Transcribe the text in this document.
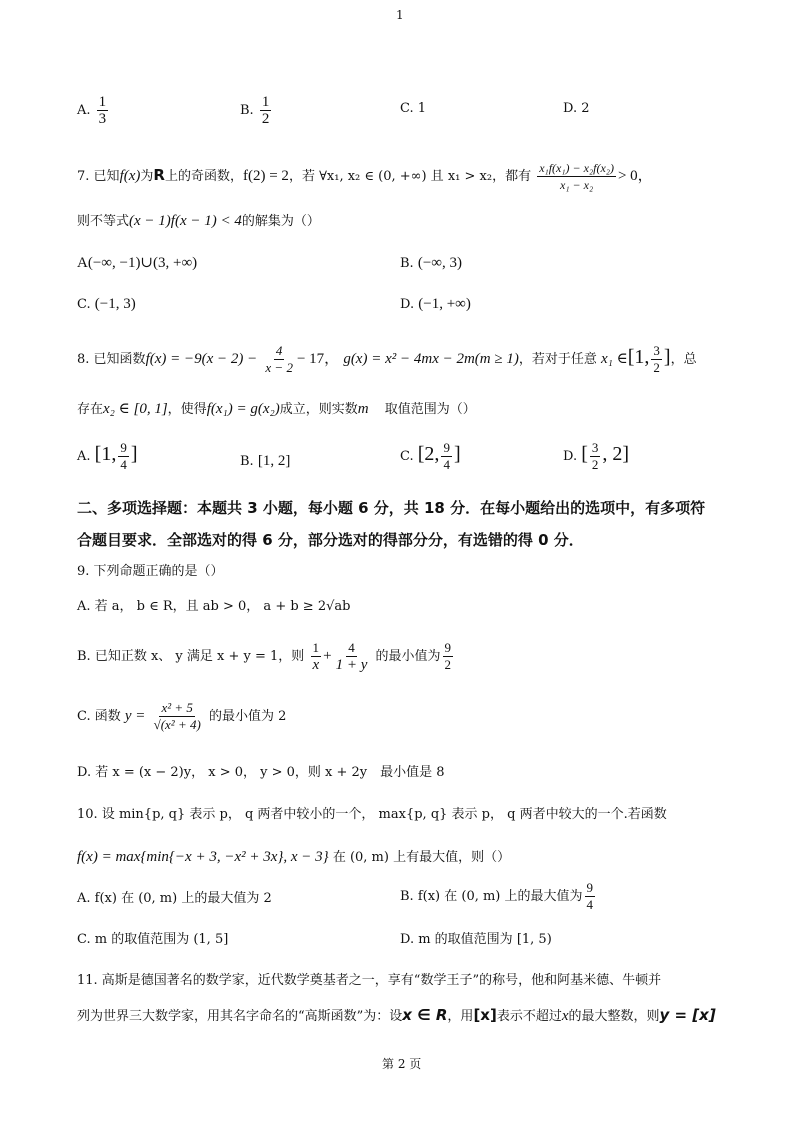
1
A. $\frac{1}{3}$	B. $\frac{1}{2}$	C. 1	D. 2
7. 已知f(x)为R上的奇函数，f(2) = 2，若 ∀x₁, x₂ ∈ (0, +∞) 且 x₁ > x₂，都有 $\frac{\text{x₁f(x₁) − x₂f(x₂)}}{\text{x₁ − x₂}} > 0$，
则不等式(x − 1)f(x − 1) < 4的解集为（）
A(−∞, −1)∪(3, +∞)	B. (−∞, 3)
C. (−1, 3)	D. (−1, +∞)
8. 已知函数$f(x) = -9(x - 2) - \frac{4}{x - 2} - 17$， g(x) = x² − 4mx − 2m(m ≥ 1)，若对于任意 x₁ ∈[1, $\frac{3}{2}$ ]，总
存在x₂ ∈ [0, 1]，使得f(x₁) = g(x₂)成立，则实数m 取值范围为（）
A. [1, $\frac{9}{4}$ ]	B. [1, 2]	C. [2, $\frac{9}{4}$ ]	D. [ $\frac{3}{2}$ , 2]
二、多项选择题：本题共 3 小题，每小题 6 分，共 18 分．在每小题给出的选项中，有多项符
合题目要求．全部选对的得 6 分，部分选对的得部分分，有选错的得 0 分．
9. 下列命题正确的是（）
A. 若 a， b ∈ R，且 ab > 0， a + b ≥ 2√ab
B. 已知正数 x、 y 满足 x + y = 1，则 $\frac{1}{x} + \frac{4}{1 + y}$ 的最小值为 $\frac{9}{2}$
C. 函数 $y = \frac{\text{x² + 5}}{\text{√(x² + 4)}}$ 的最小值为 2
D. 若 x = (x − 2)y， x > 0， y > 0，则 x + 2y　最小值是 8
10. 设 min{p, q} 表示 p， q 两者中较小的一个， max{p, q} 表示 p， q 两者中较大的一个.若函数
f(x) = max{min{−x + 3, −x² + 3x}, x − 3} 在 (0, m) 上有最大值，则（）
A. f(x) 在 (0, m) 上的最大值为 2	B. f(x) 在 (0, m) 上的最大值为 $\frac{9}{4}$
C. m 的取值范围为 (1, 5]	D. m 的取值范围为 [1, 5)
11. 高斯是德国著名的数学家，近代数学奠基者之一，享有“数学王子”的称号，他和阿基米德、牛顿并
列为世界三大数学家，用其名字命名的“高斯函数”为：设x ∈ R，用[x]表示不超过x的最大整数，则y = [x]
第 2 页
